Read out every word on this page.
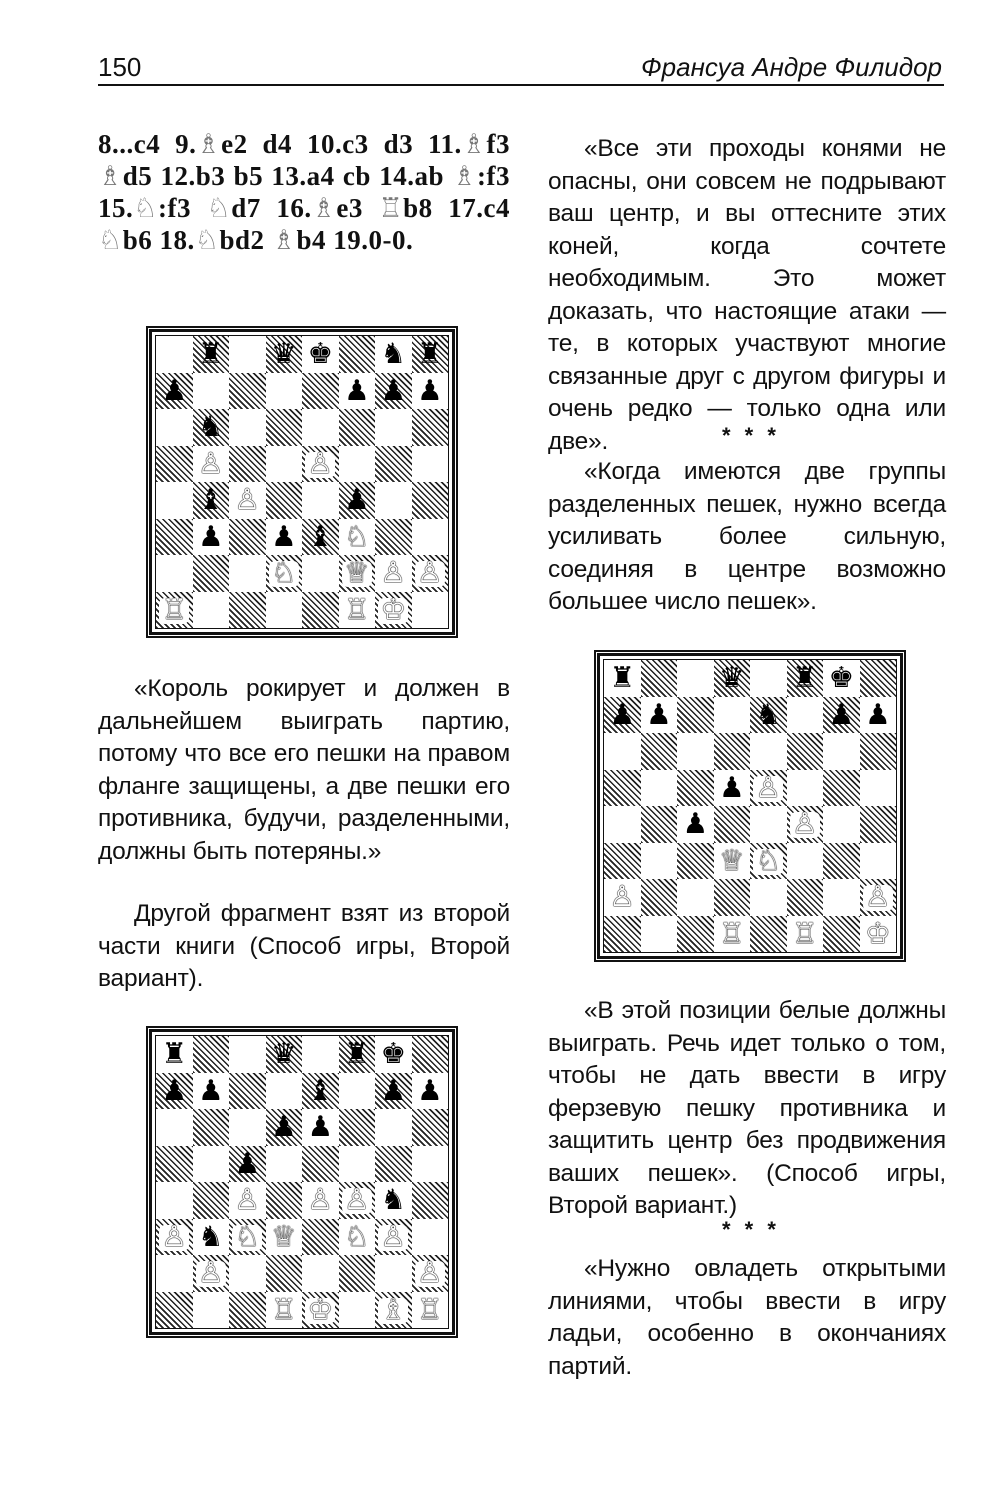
150	Франсуа Андре Филидор
8...c4 9.♗e2 d4 10.c3 d3 11.♗f3 ♗d5 12.b3 b5 13.a4 cb 14.ab ♗:f3 15.♘:f3 ♘d7 16.♗e3 ♖b8 17.c4 ♘b6 18.♘bd2 ♗b4 19.0-0.
♜ ♛ ♚ ♞ ♜
♟	♟ ♟ ♟
♞
♙	♙
♝ ♙	♟
♟ ♟ ♝ ♘
♘ ♕ ♙ ♙
♖	♖ ♔

«Король рокирует и должен в дальнейшем выиграть партию, потому что все его пешки на правом фланге защищены, а две пешки его противника, будучи, разделенными, должны быть потеряны.»

Другой фрагмент взят из второй части книги (Способ игры, Второй вариант).

♜	♛ ♜ ♚
♟ ♟	♝ ♟ ♟
♟ ♟
♟
♙ ♙ ♙ ♞
♙ ♞ ♘ ♕ ♘ ♙
♙	♙
♖ ♔ ♗ ♖

«Все эти проходы конями не опасны, они совсем не подрывают ваш центр, и вы оттесните этих коней, когда сочтете необходимым. Это может доказать, что настоящие атаки — те, в которых участвуют многие связанные друг с другом фигуры и очень редко — только одна или две».	* * *

«Когда имеются две группы разделенных пешек, нужно всегда усиливать более сильную, соединяя в центре возможно большее число пешек».

♜	♛ ♜ ♚
♟ ♟	♞ ♟ ♟
♟ ♙
♟	♙
♕ ♘
♙	♙
♖ ♖ ♔

«В этой позиции белые должны выиграть. Речь идет только о том, чтобы не дать ввести в игру ферзевую пешку противника и защитить центр без продвижения ваших пешек». (Способ игры, Второй вариант.)

* * *

«Нужно овладеть открытыми линиями, чтобы ввести в игру ладьи, особенно в окончаниях партий.
